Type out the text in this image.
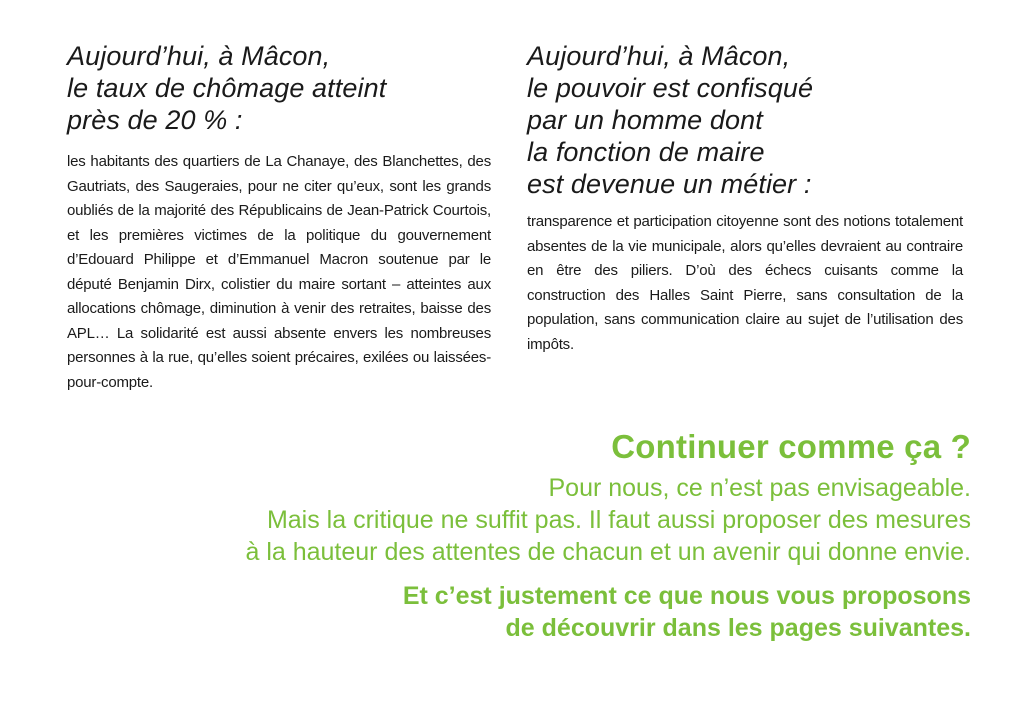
Aujourd’hui, à Mâcon,
le taux de chômage atteint
près de 20 % :

les habitants des quartiers de La Chanaye, des Blanchettes, des Gautriats, des Saugeraies, pour ne citer qu’eux, sont les grands oubliés de la majorité des Républicains de Jean-Patrick Courtois, et les premières victimes de la politique du gouvernement d’Edouard Philippe et d’Emmanuel Macron soutenue par le député Benjamin Dirx, colistier du maire sortant – atteintes aux allocations chômage, diminution à venir des retraites, baisse des APL… La solidarité est aussi absente envers les nombreuses personnes à la rue, qu’elles soient précaires, exilées ou laissées-pour-compte.

Aujourd’hui, à Mâcon,
le pouvoir est confisqué
par un homme dont
la fonction de maire
est devenue un métier :

transparence et participation citoyenne sont des notions totalement absentes de la vie municipale, alors qu’elles devraient au contraire en être des piliers. D’où des échecs cuisants comme la construction des Halles Saint Pierre, sans consultation de la population, sans communication claire au sujet de l’utilisation des impôts.

Continuer comme ça ?

Pour nous, ce n’est pas envisageable.
Mais la critique ne suffit pas. Il faut aussi proposer des mesures
à la hauteur des attentes de chacun et un avenir qui donne envie.

Et c’est justement ce que nous vous proposons
de découvrir dans les pages suivantes.
